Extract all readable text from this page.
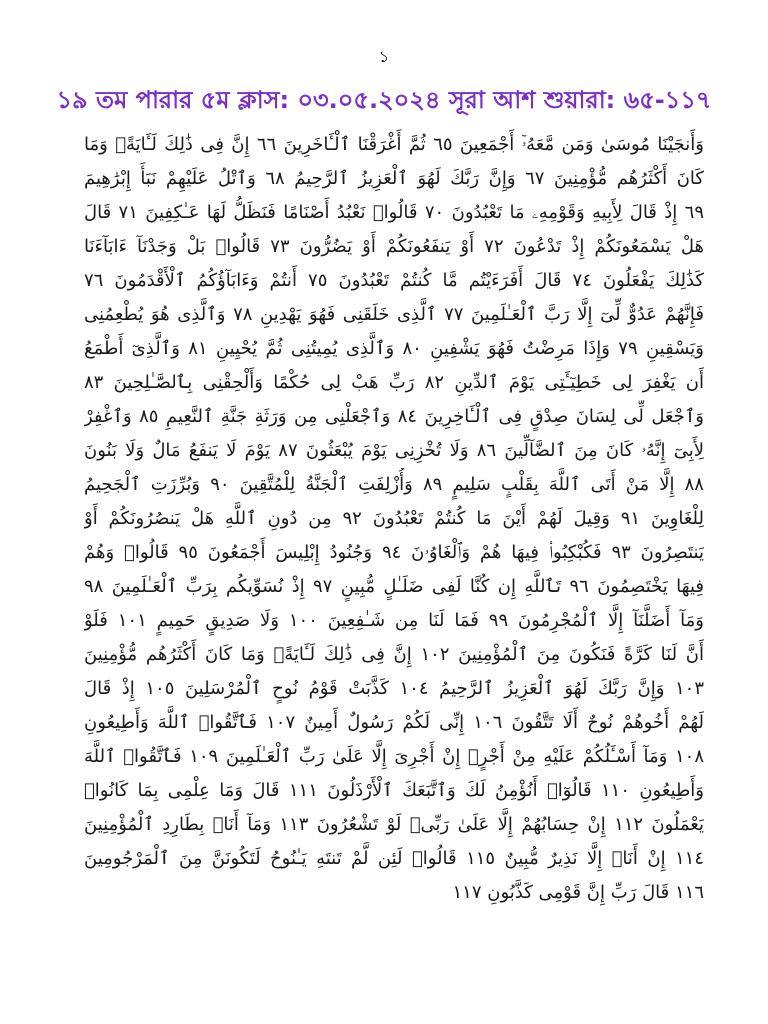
১
১৯ তম পারার ৫ম ক্লাস: ০৩.০৫.২০২৪ সূরা আশ শুয়ারা: ৬৫-১১৭
وَأَنجَيْنَا مُوسَىٰ وَمَن مَّعَهُۥٓ أَجْمَعِينَ ٦٥ ثُمَّ أَغْرَقْنَا ٱلْـَٔاخَرِينَ ٦٦ إِنَّ فِى ذَٰلِكَ لَـَٔايَةًۖ وَمَا
كَانَ أَكْثَرُهُم مُّؤْمِنِينَ ٦٧ وَإِنَّ رَبَّكَ لَهُوَ ٱلْعَزِيزُ ٱلرَّحِيمُ ٦٨ وَٱتْلُ عَلَيْهِمْ نَبَأَ إِبْرَٰهِيمَ
٦٩ إِذْ قَالَ لِأَبِيهِ وَقَوْمِهِۦ مَا تَعْبُدُونَ ٧٠ قَالُوا۟ نَعْبُدُ أَصْنَامًا فَنَظَلُّ لَهَا عَـٰكِفِينَ ٧١ قَالَ
هَلْ يَسْمَعُونَكُمْ إِذْ تَدْعُونَ ٧٢ أَوْ يَنفَعُونَكُمْ أَوْ يَضُرُّونَ ٧٣ قَالُوا۟ بَلْ وَجَدْنَآ ءَابَآءَنَا
كَذَٰلِكَ يَفْعَلُونَ ٧٤ قَالَ أَفَرَءَيْتُم مَّا كُنتُمْ تَعْبُدُونَ ٧٥ أَنتُمْ وَءَابَآؤُكُمُ ٱلْأَقْدَمُونَ ٧٦
فَإِنَّهُمْ عَدُوٌّ لِّىٓ إِلَّا رَبَّ ٱلْعَـٰلَمِينَ ٧٧ ٱلَّذِى خَلَقَنِى فَهُوَ يَهْدِينِ ٧٨ وَٱلَّذِى هُوَ يُطْعِمُنِى
وَيَسْقِينِ ٧٩ وَإِذَا مَرِضْتُ فَهُوَ يَشْفِينِ ٨٠ وَٱلَّذِى يُمِيتُنِى ثُمَّ يُحْيِينِ ٨١ وَٱلَّذِىٓ أَطْمَعُ
أَن يَغْفِرَ لِى خَطِيٓـَٔتِى يَوْمَ ٱلدِّينِ ٨٢ رَبِّ هَبْ لِى حُكْمًا وَأَلْحِقْنِى بِٱلصَّـٰلِحِينَ ٨٣
وَٱجْعَل لِّى لِسَانَ صِدْقٍ فِى ٱلْـَٔاخِرِينَ ٨٤ وَٱجْعَلْنِى مِن وَرَثَةِ جَنَّةِ ٱلنَّعِيمِ ٨٥ وَٱغْفِرْ
لِأَبِىٓ إِنَّهُۥ كَانَ مِنَ ٱلضَّآلِّينَ ٨٦ وَلَا تُخْزِنِى يَوْمَ يُبْعَثُونَ ٨٧ يَوْمَ لَا يَنفَعُ مَالٌ وَلَا بَنُونَ
٨٨ إِلَّا مَنْ أَتَى ٱللَّهَ بِقَلْبٍ سَلِيمٍ ٨٩ وَأُزْلِفَتِ ٱلْجَنَّةُ لِلْمُتَّقِينَ ٩٠ وَبُرِّزَتِ ٱلْجَحِيمُ
لِلْغَاوِينَ ٩١ وَقِيلَ لَهُمْ أَيْنَ مَا كُنتُمْ تَعْبُدُونَ ٩٢ مِن دُونِ ٱللَّهِ هَلْ يَنصُرُونَكُمْ أَوْ
يَنتَصِرُونَ ٩٣ فَكُبْكِبُوا۟ فِيهَا هُمْ وَٱلْغَاوُۥنَ ٩٤ وَجُنُودُ إِبْلِيسَ أَجْمَعُونَ ٩٥ قَالُوا۟ وَهُمْ
فِيهَا يَخْتَصِمُونَ ٩٦ تَٱللَّهِ إِن كُنَّا لَفِى ضَلَـٰلٍ مُّبِينٍ ٩٧ إِذْ نُسَوِّيكُم بِرَبِّ ٱلْعَـٰلَمِينَ ٩٨
وَمَآ أَضَلَّنَآ إِلَّا ٱلْمُجْرِمُونَ ٩٩ فَمَا لَنَا مِن شَـٰفِعِينَ ١٠٠ وَلَا صَدِيقٍ حَمِيمٍ ١٠١ فَلَوْ
أَنَّ لَنَا كَرَّةً فَنَكُونَ مِنَ ٱلْمُؤْمِنِينَ ١٠٢ إِنَّ فِى ذَٰلِكَ لَـَٔايَةًۖ وَمَا كَانَ أَكْثَرُهُم مُّؤْمِنِينَ
١٠٣ وَإِنَّ رَبَّكَ لَهُوَ ٱلْعَزِيزُ ٱلرَّحِيمُ ١٠٤ كَذَّبَتْ قَوْمُ نُوحٍ ٱلْمُرْسَلِينَ ١٠٥ إِذْ قَالَ
لَهُمْ أَخُوهُمْ نُوحٌ أَلَا تَتَّقُونَ ١٠٦ إِنِّى لَكُمْ رَسُولٌ أَمِينٌ ١٠٧ فَٱتَّقُوا۟ ٱللَّهَ وَأَطِيعُونِ
١٠٨ وَمَآ أَسْـَٔلُكُمْ عَلَيْهِ مِنْ أَجْرٍۖ إِنْ أَجْرِىَ إِلَّا عَلَىٰ رَبِّ ٱلْعَـٰلَمِينَ ١٠٩ فَٱتَّقُوا۟ ٱللَّهَ
وَأَطِيعُونِ ١١٠ قَالُوٓا۟ أَنُؤْمِنُ لَكَ وَٱتَّبَعَكَ ٱلْأَرْذَلُونَ ١١١ قَالَ وَمَا عِلْمِى بِمَا كَانُوا۟
يَعْمَلُونَ ١١٢ إِنْ حِسَابُهُمْ إِلَّا عَلَىٰ رَبِّىۖ لَوْ تَشْعُرُونَ ١١٣ وَمَآ أَنَا۠ بِطَارِدِ ٱلْمُؤْمِنِينَ
١١٤ إِنْ أَنَا۠ إِلَّا نَذِيرٌ مُّبِينٌ ١١٥ قَالُوا۟ لَئِن لَّمْ تَنتَهِ يَـٰنُوحُ لَتَكُونَنَّ مِنَ ٱلْمَرْجُومِينَ
١١٦ قَالَ رَبِّ إِنَّ قَوْمِى كَذَّبُونِ ١١٧
